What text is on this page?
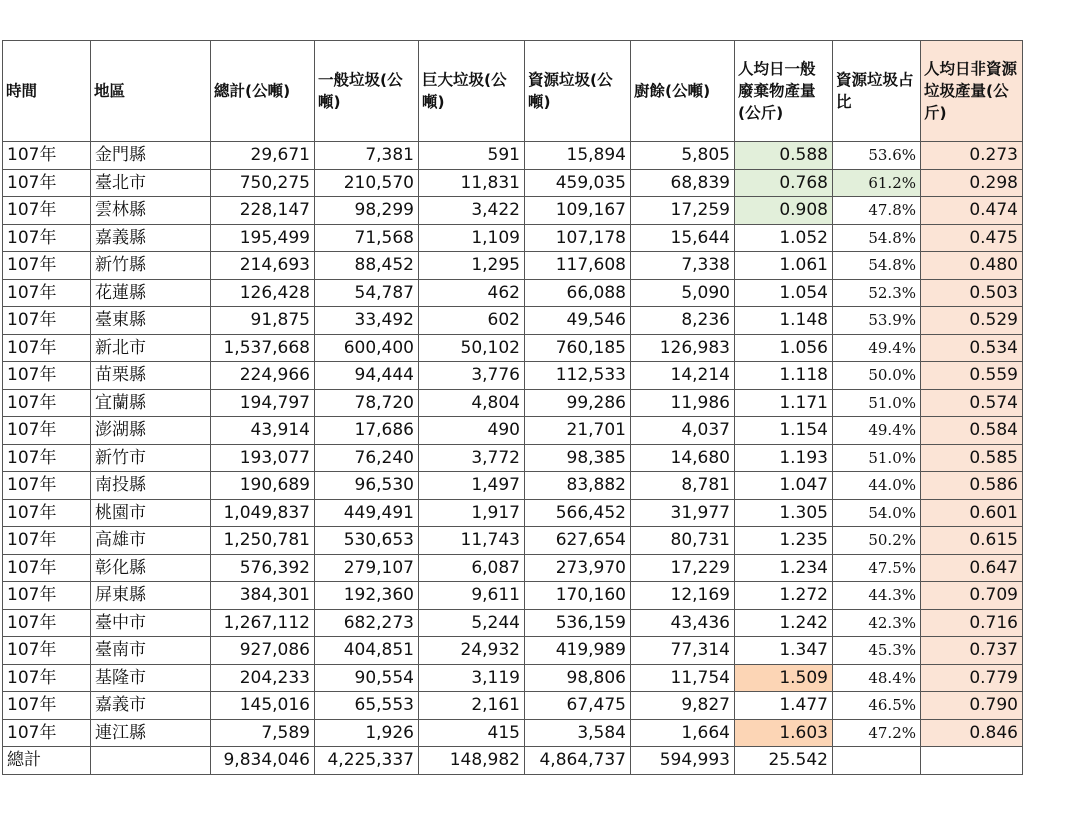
時間	地區	總計(公噸)	一般垃圾(公噸)	巨大垃圾(公噸)	資源垃圾(公噸)	廚餘(公噸)	人均日一般廢棄物產量(公斤)	資源垃圾占比	人均日非資源垃圾產量(公斤)
107年	金門縣	29,671	7,381	591	15,894	5,805	0.588	53.6%	0.273
107年	臺北市	750,275	210,570	11,831	459,035	68,839	0.768	61.2%	0.298
107年	雲林縣	228,147	98,299	3,422	109,167	17,259	0.908	47.8%	0.474
107年	嘉義縣	195,499	71,568	1,109	107,178	15,644	1.052	54.8%	0.475
107年	新竹縣	214,693	88,452	1,295	117,608	7,338	1.061	54.8%	0.480
107年	花蓮縣	126,428	54,787	462	66,088	5,090	1.054	52.3%	0.503
107年	臺東縣	91,875	33,492	602	49,546	8,236	1.148	53.9%	0.529
107年	新北市	1,537,668	600,400	50,102	760,185	126,983	1.056	49.4%	0.534
107年	苗栗縣	224,966	94,444	3,776	112,533	14,214	1.118	50.0%	0.559
107年	宜蘭縣	194,797	78,720	4,804	99,286	11,986	1.171	51.0%	0.574
107年	澎湖縣	43,914	17,686	490	21,701	4,037	1.154	49.4%	0.584
107年	新竹市	193,077	76,240	3,772	98,385	14,680	1.193	51.0%	0.585
107年	南投縣	190,689	96,530	1,497	83,882	8,781	1.047	44.0%	0.586
107年	桃園市	1,049,837	449,491	1,917	566,452	31,977	1.305	54.0%	0.601
107年	高雄市	1,250,781	530,653	11,743	627,654	80,731	1.235	50.2%	0.615
107年	彰化縣	576,392	279,107	6,087	273,970	17,229	1.234	47.5%	0.647
107年	屏東縣	384,301	192,360	9,611	170,160	12,169	1.272	44.3%	0.709
107年	臺中市	1,267,112	682,273	5,244	536,159	43,436	1.242	42.3%	0.716
107年	臺南市	927,086	404,851	24,932	419,989	77,314	1.347	45.3%	0.737
107年	基隆市	204,233	90,554	3,119	98,806	11,754	1.509	48.4%	0.779
107年	嘉義市	145,016	65,553	2,161	67,475	9,827	1.477	46.5%	0.790
107年	連江縣	7,589	1,926	415	3,584	1,664	1.603	47.2%	0.846
總計		9,834,046	4,225,337	148,982	4,864,737	594,993	25.542		
